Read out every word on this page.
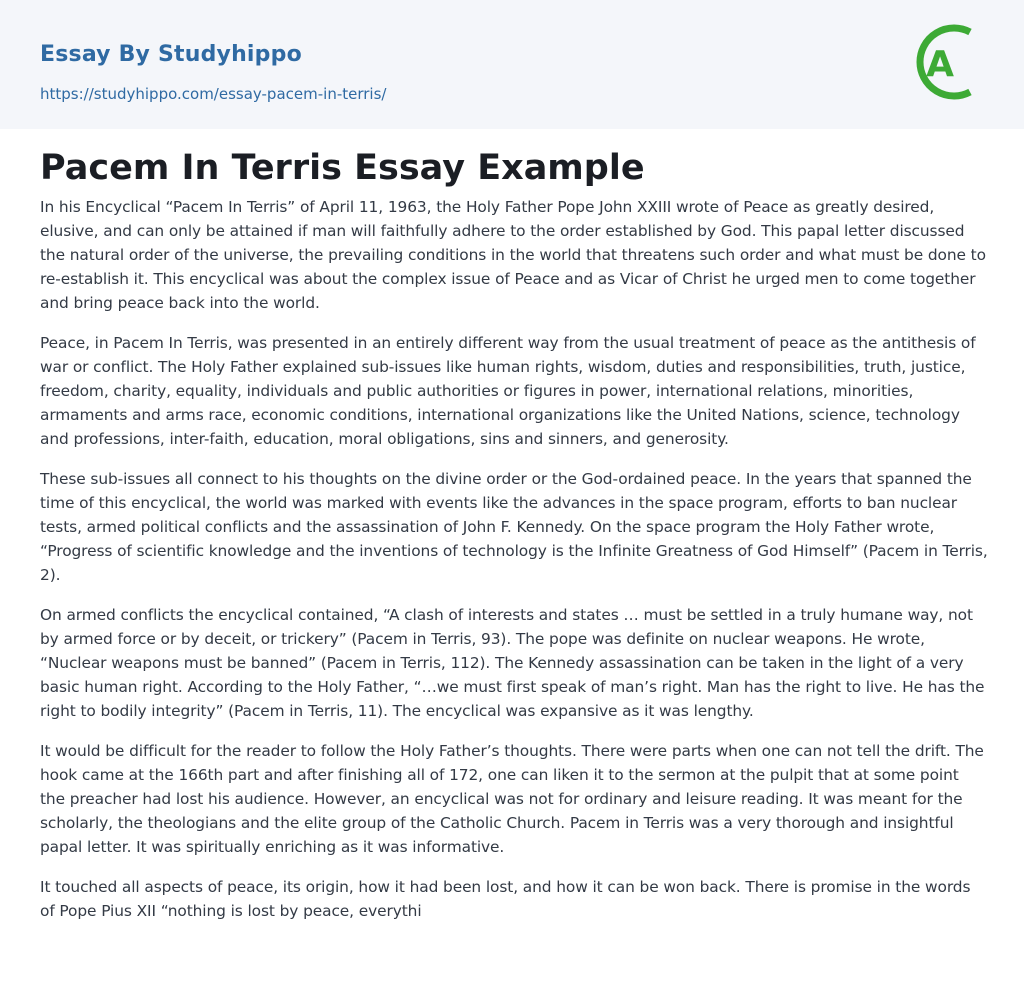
Essay By Studyhippo
https://studyhippo.com/essay-pacem-in-terris/
A
Pacem In Terris Essay Example

In his Encyclical “Pacem In Terris” of April 11, 1963, the Holy Father Pope John XXIII wrote of Peace as greatly desired, elusive, and can only be attained if man will faithfully adhere to the order established by God. This papal letter discussed the natural order of the universe, the prevailing conditions in the world that threatens such order and what must be done to re-establish it. This encyclical was about the complex issue of Peace and as Vicar of Christ he urged men to come together and bring peace back into the world.

Peace, in Pacem In Terris, was presented in an entirely different way from the usual treatment of peace as the antithesis of war or conflict. The Holy Father explained sub-issues like human rights, wisdom, duties and responsibilities, truth, justice, freedom, charity, equality, individuals and public authorities or figures in power, international relations, minorities, armaments and arms race, economic conditions, international organizations like the United Nations, science, technology and professions, inter-faith, education, moral obligations, sins and sinners, and generosity.

These sub-issues all connect to his thoughts on the divine order or the God-ordained peace. In the years that spanned the time of this encyclical, the world was marked with events like the advances in the space program, efforts to ban nuclear tests, armed political conflicts and the assassination of John F. Kennedy. On the space program the Holy Father wrote, “Progress of scientific knowledge and the inventions of technology is the Infinite Greatness of God Himself” (Pacem in Terris, 2).

On armed conflicts the encyclical contained, “A clash of interests and states … must be settled in a truly humane way, not by armed force or by deceit, or trickery” (Pacem in Terris, 93). The pope was definite on nuclear weapons. He wrote, “Nuclear weapons must be banned” (Pacem in Terris, 112). The Kennedy assassination can be taken in the light of a very basic human right. According to the Holy Father, “…we must first speak of man’s right. Man has the right to live. He has the right to bodily integrity” (Pacem in Terris, 11). The encyclical was expansive as it was lengthy.

It would be difficult for the reader to follow the Holy Father’s thoughts. There were parts when one can not tell the drift. The hook came at the 166th part and after finishing all of 172, one can liken it to the sermon at the pulpit that at some point the preacher had lost his audience. However, an encyclical was not for ordinary and leisure reading. It was meant for the scholarly, the theologians and the elite group of the Catholic Church. Pacem in Terris was a very thorough and insightful papal letter. It was spiritually enriching as it was informative.

It touched all aspects of peace, its origin, how it had been lost, and how it can be won back. There is promise in the words of Pope Pius XII “nothing is lost by peace, everythi
